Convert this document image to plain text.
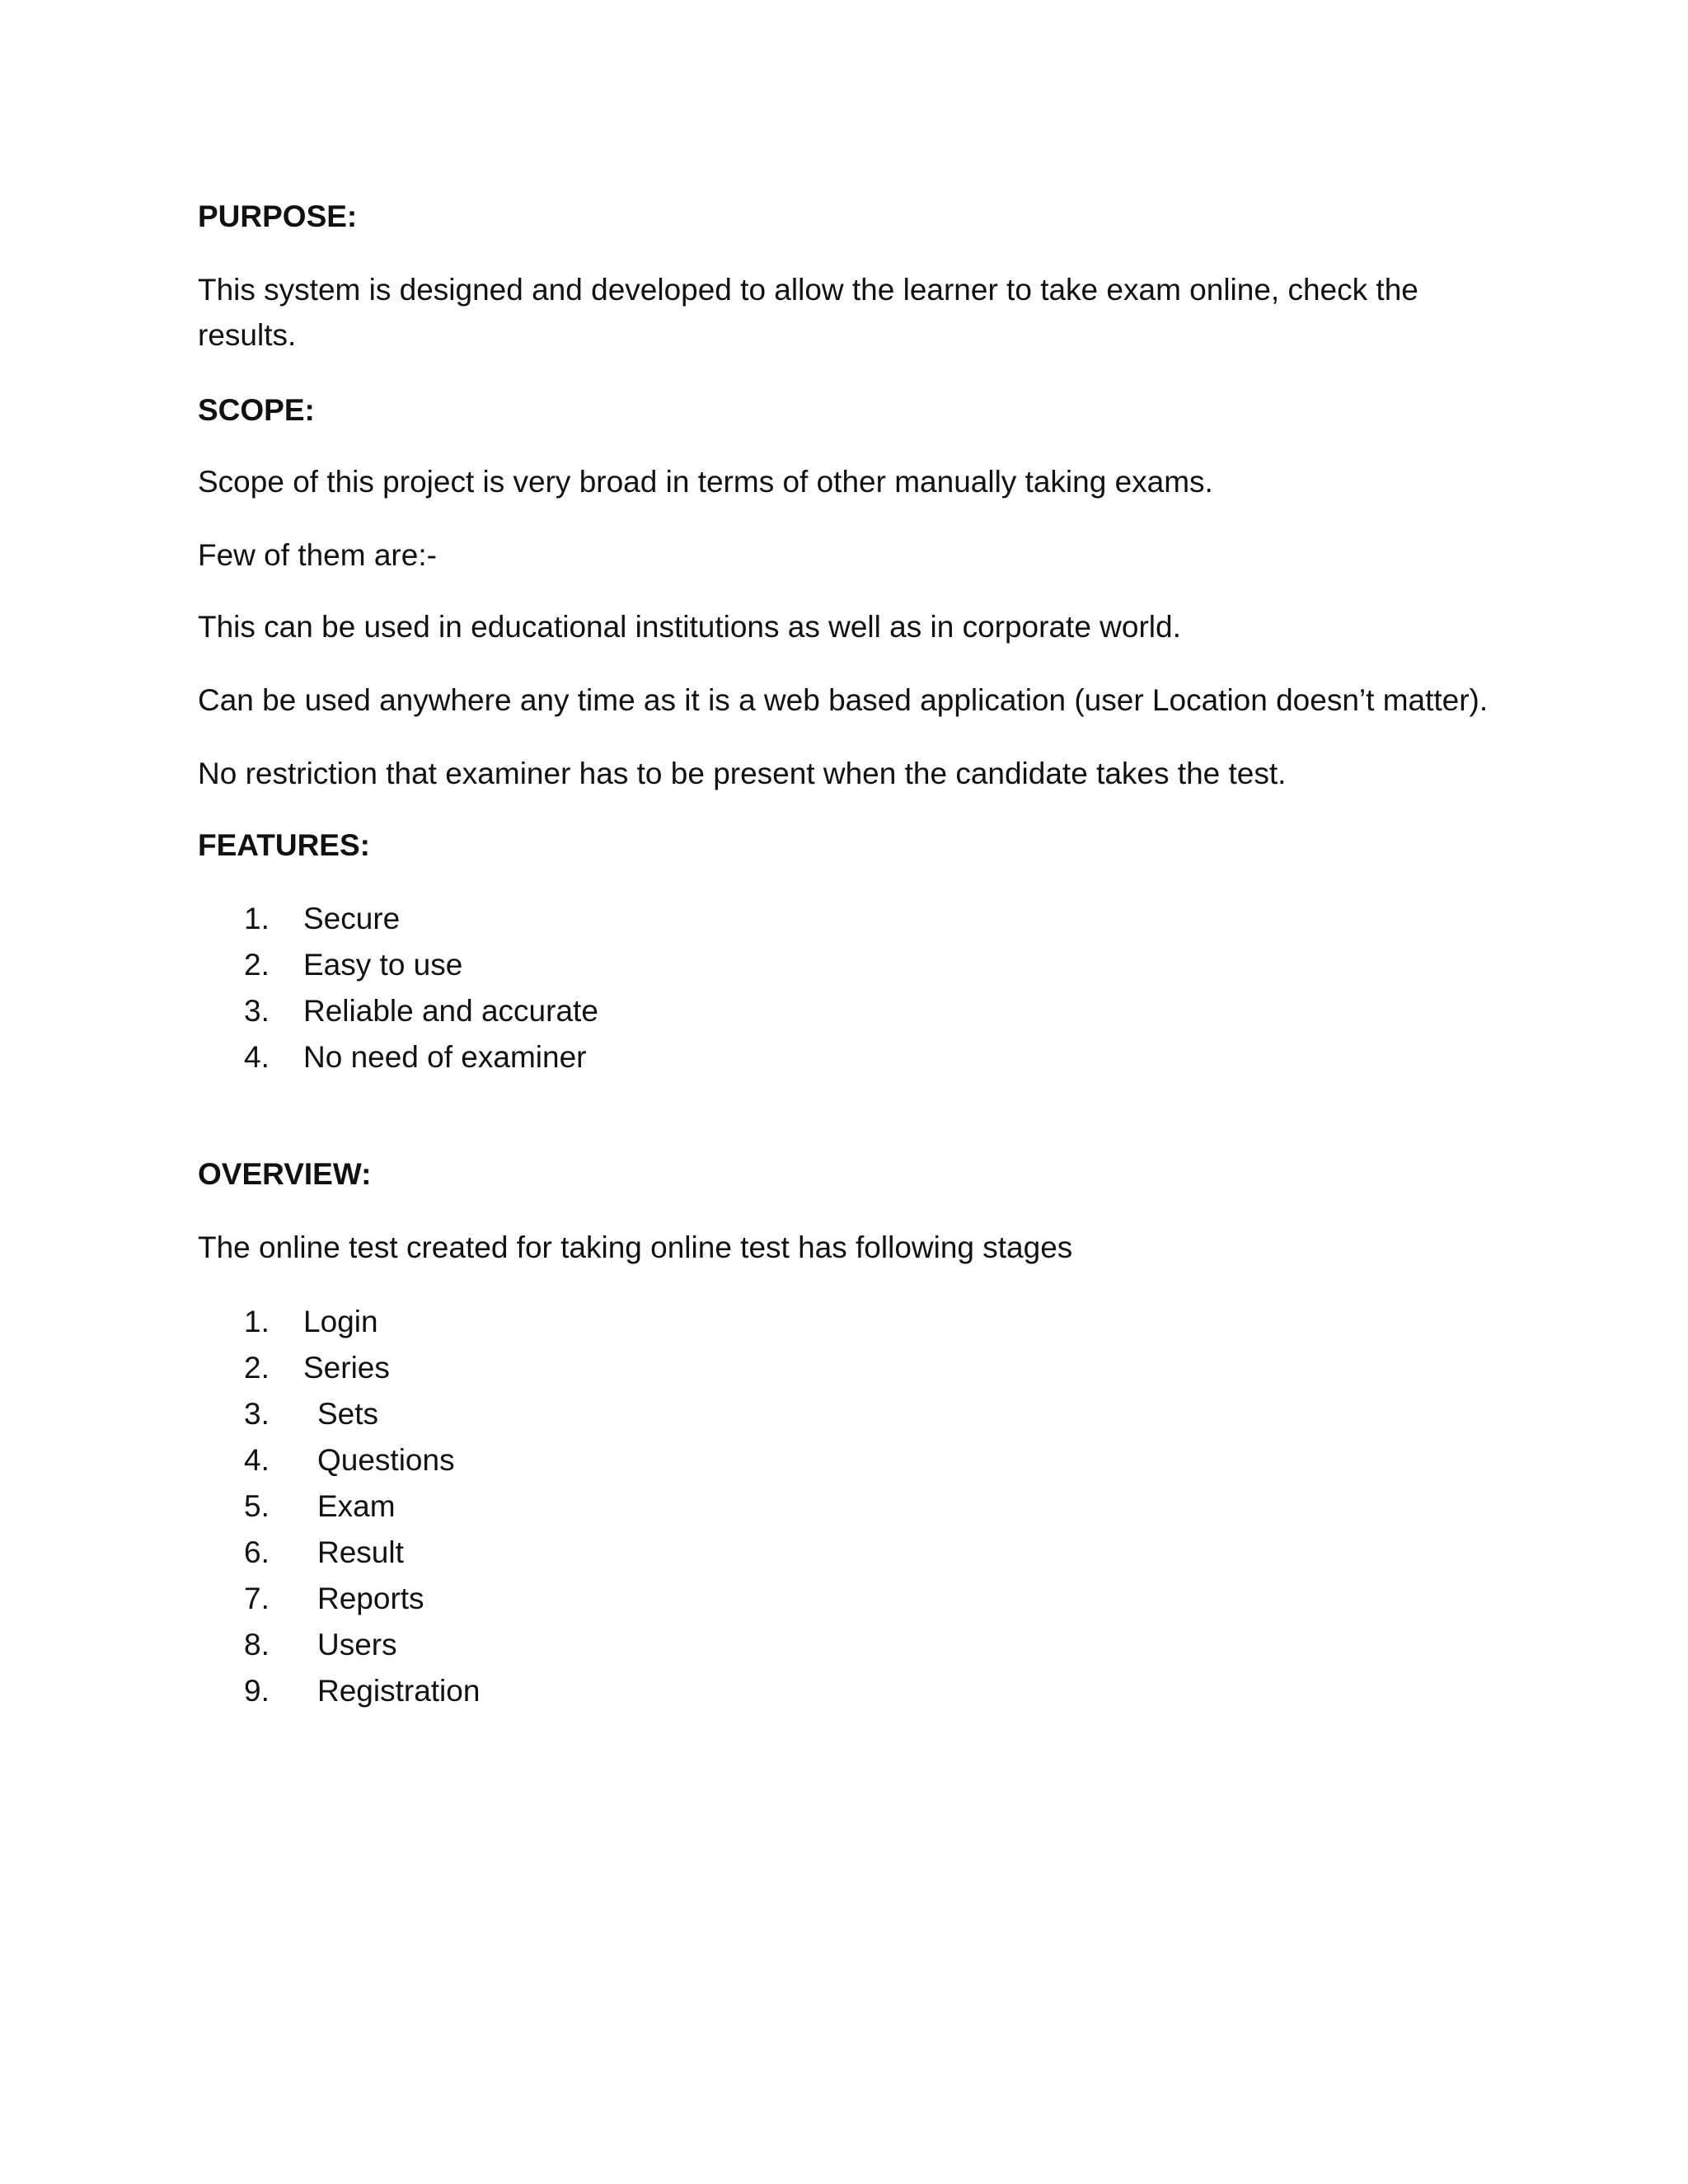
PURPOSE:

This system is designed and developed to allow the learner to take exam online, check the results.

SCOPE:

Scope of this project is very broad in terms of other manually taking exams.

Few of them are:-

This can be used in educational institutions as well as in corporate world.

Can be used anywhere any time as it is a web based application (user Location doesn’t matter).

No restriction that examiner has to be present when the candidate takes the test.

FEATURES:

1. Secure
2. Easy to use
3. Reliable and accurate
4. No need of examiner

OVERVIEW:

The online test created for taking online test has following stages

1. Login
2. Series
3. Sets
4. Questions
5. Exam
6. Result
7. Reports
8. Users
9. Registration
